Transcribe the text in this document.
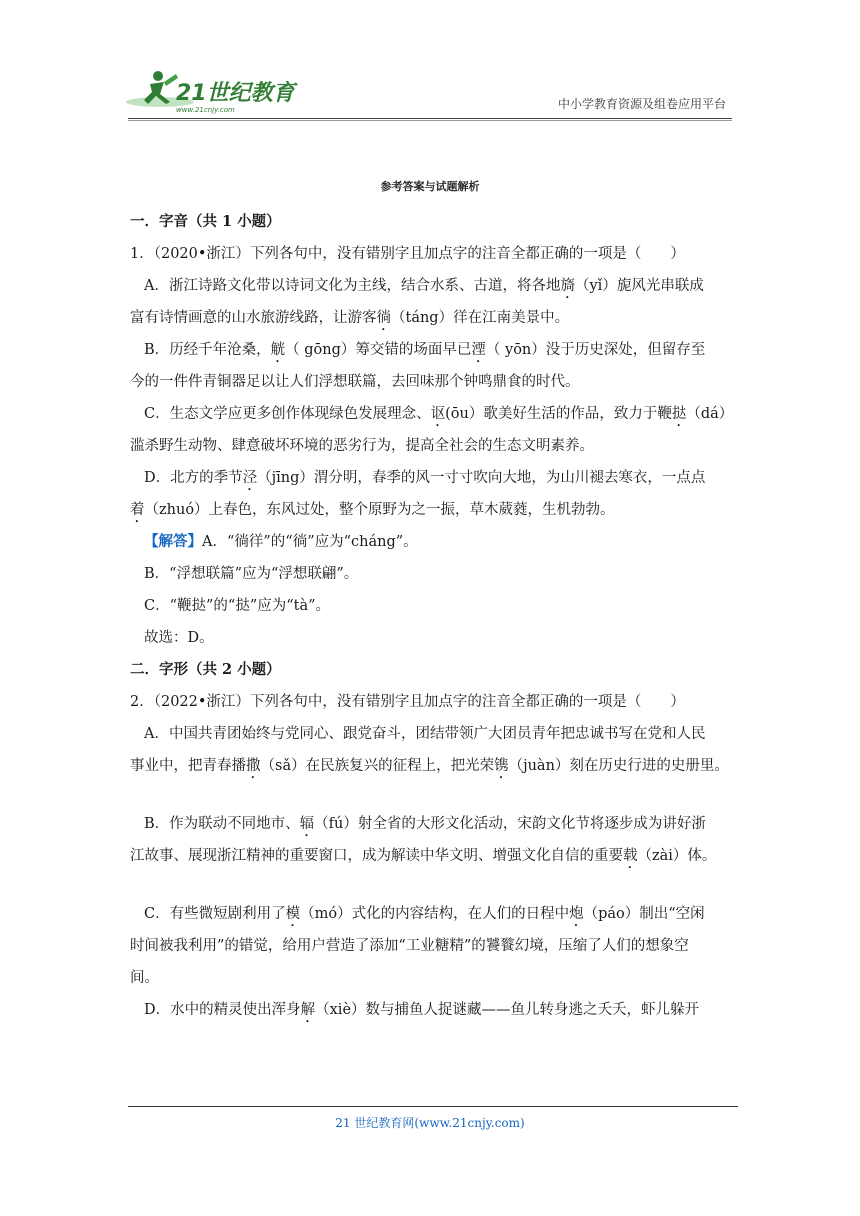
21世纪教育
www.21cnjy.com	中小学教育资源及组卷应用平台
参考答案与试题解析

一．字音（共 1 小题）

1．（2020•浙江）下列各句中，没有错别字且加点字的注音全都正确的一项是（　　）

A．浙江诗路文化带以诗词文化为主线，结合水系、古道，将各地旖（yǐ）旎风光串联成

富有诗情画意的山水旅游线路，让游客徜（táng）徉在江南美景中。

B．历经千年沧桑，觥（ gōng）筹交错的场面早已湮（ yōn）没于历史深处，但留存至

今的一件件青铜器足以让人们浮想联篇，去回味那个钟鸣鼎食的时代。

C．生态文学应更多创作体现绿色发展理念、讴(ōu）歌美好生活的作品，致力于鞭挞（dá）

滥杀野生动物、肆意破坏环境的恶劣行为，提高全社会的生态文明素养。

D．北方的季节泾（jīng）渭分明，春季的风一寸寸吹向大地，为山川褪去寒衣，一点点

着（zhuó）上春色，东风过处，整个原野为之一振，草木葳蕤，生机勃勃。

【解答】A．“徜徉”的“徜”应为“cháng”。

B．“浮想联篇”应为“浮想联翩”。

C．“鞭挞”的“挞”应为“tà”。

故选：D。

二．字形（共 2 小题）

2．（2022•浙江）下列各句中，没有错别字且加点字的注音全都正确的一项是（　　）

A．中国共青团始终与党同心、跟党奋斗，团结带领广大团员青年把忠诚书写在党和人民

事业中，把青春播撒（sǎ）在民族复兴的征程上，把光荣镌（juàn）刻在历史行进的史册里。

B．作为联动不同地市、辐（fú）射全省的大形文化活动，宋韵文化节将逐步成为讲好浙

江故事、展现浙江精神的重要窗口，成为解读中华文明、增强文化自信的重要载（zài）体。

C．有些微短剧利用了模（mó）式化的内容结构，在人们的日程中炮（páo）制出“空闲

时间被我利用”的错觉，给用户营造了添加“工业糖精”的饕餮幻境，压缩了人们的想象空

间。

D．水中的精灵使出浑身解（xiè）数与捕鱼人捉谜藏——鱼儿转身逃之夭夭，虾儿躲开

21 世纪教育网(www.21cnjy.com)
